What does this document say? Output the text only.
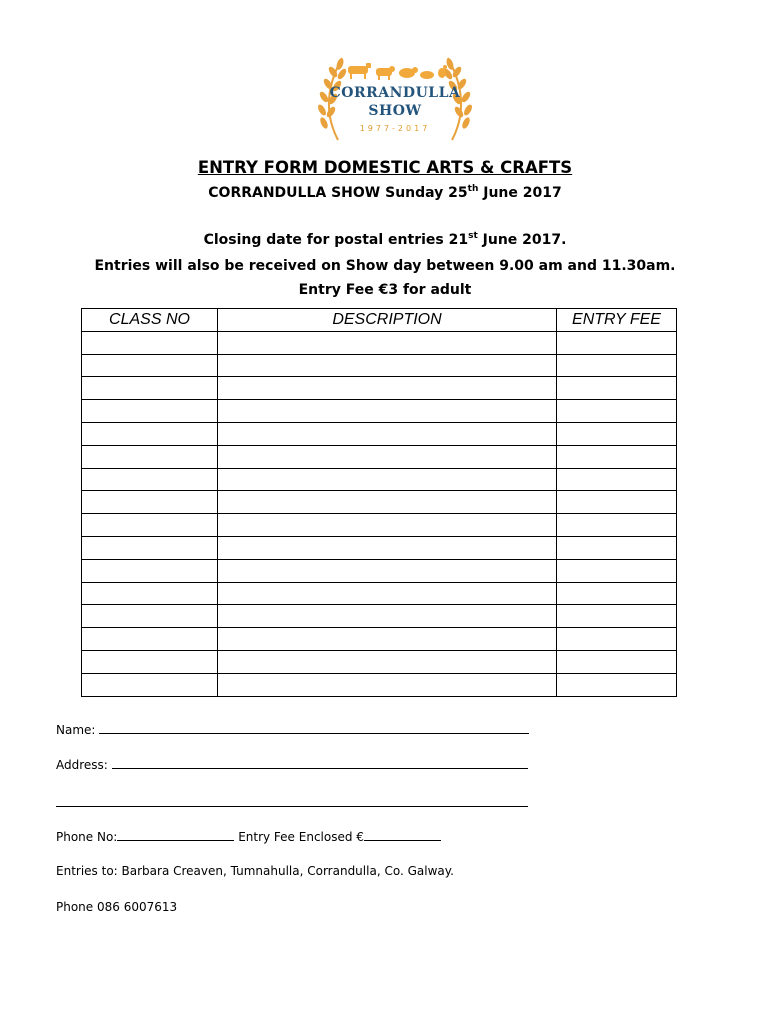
CORRANDULLA
SHOW
1977-2017
ENTRY FORM DOMESTIC ARTS & CRAFTS
CORRANDULLA SHOW Sunday 25th June 2017
Closing date for postal entries 21st June 2017.
Entries will also be received on Show day between 9.00 am and 11.30am.
Entry Fee €3 for adult
CLASS NO	DESCRIPTION	ENTRY FEE

Name:
Address:
Phone No:	Entry Fee Enclosed €
Entries to: Barbara Creaven, Tumnahulla, Corrandulla, Co. Galway.
Phone 086 6007613
